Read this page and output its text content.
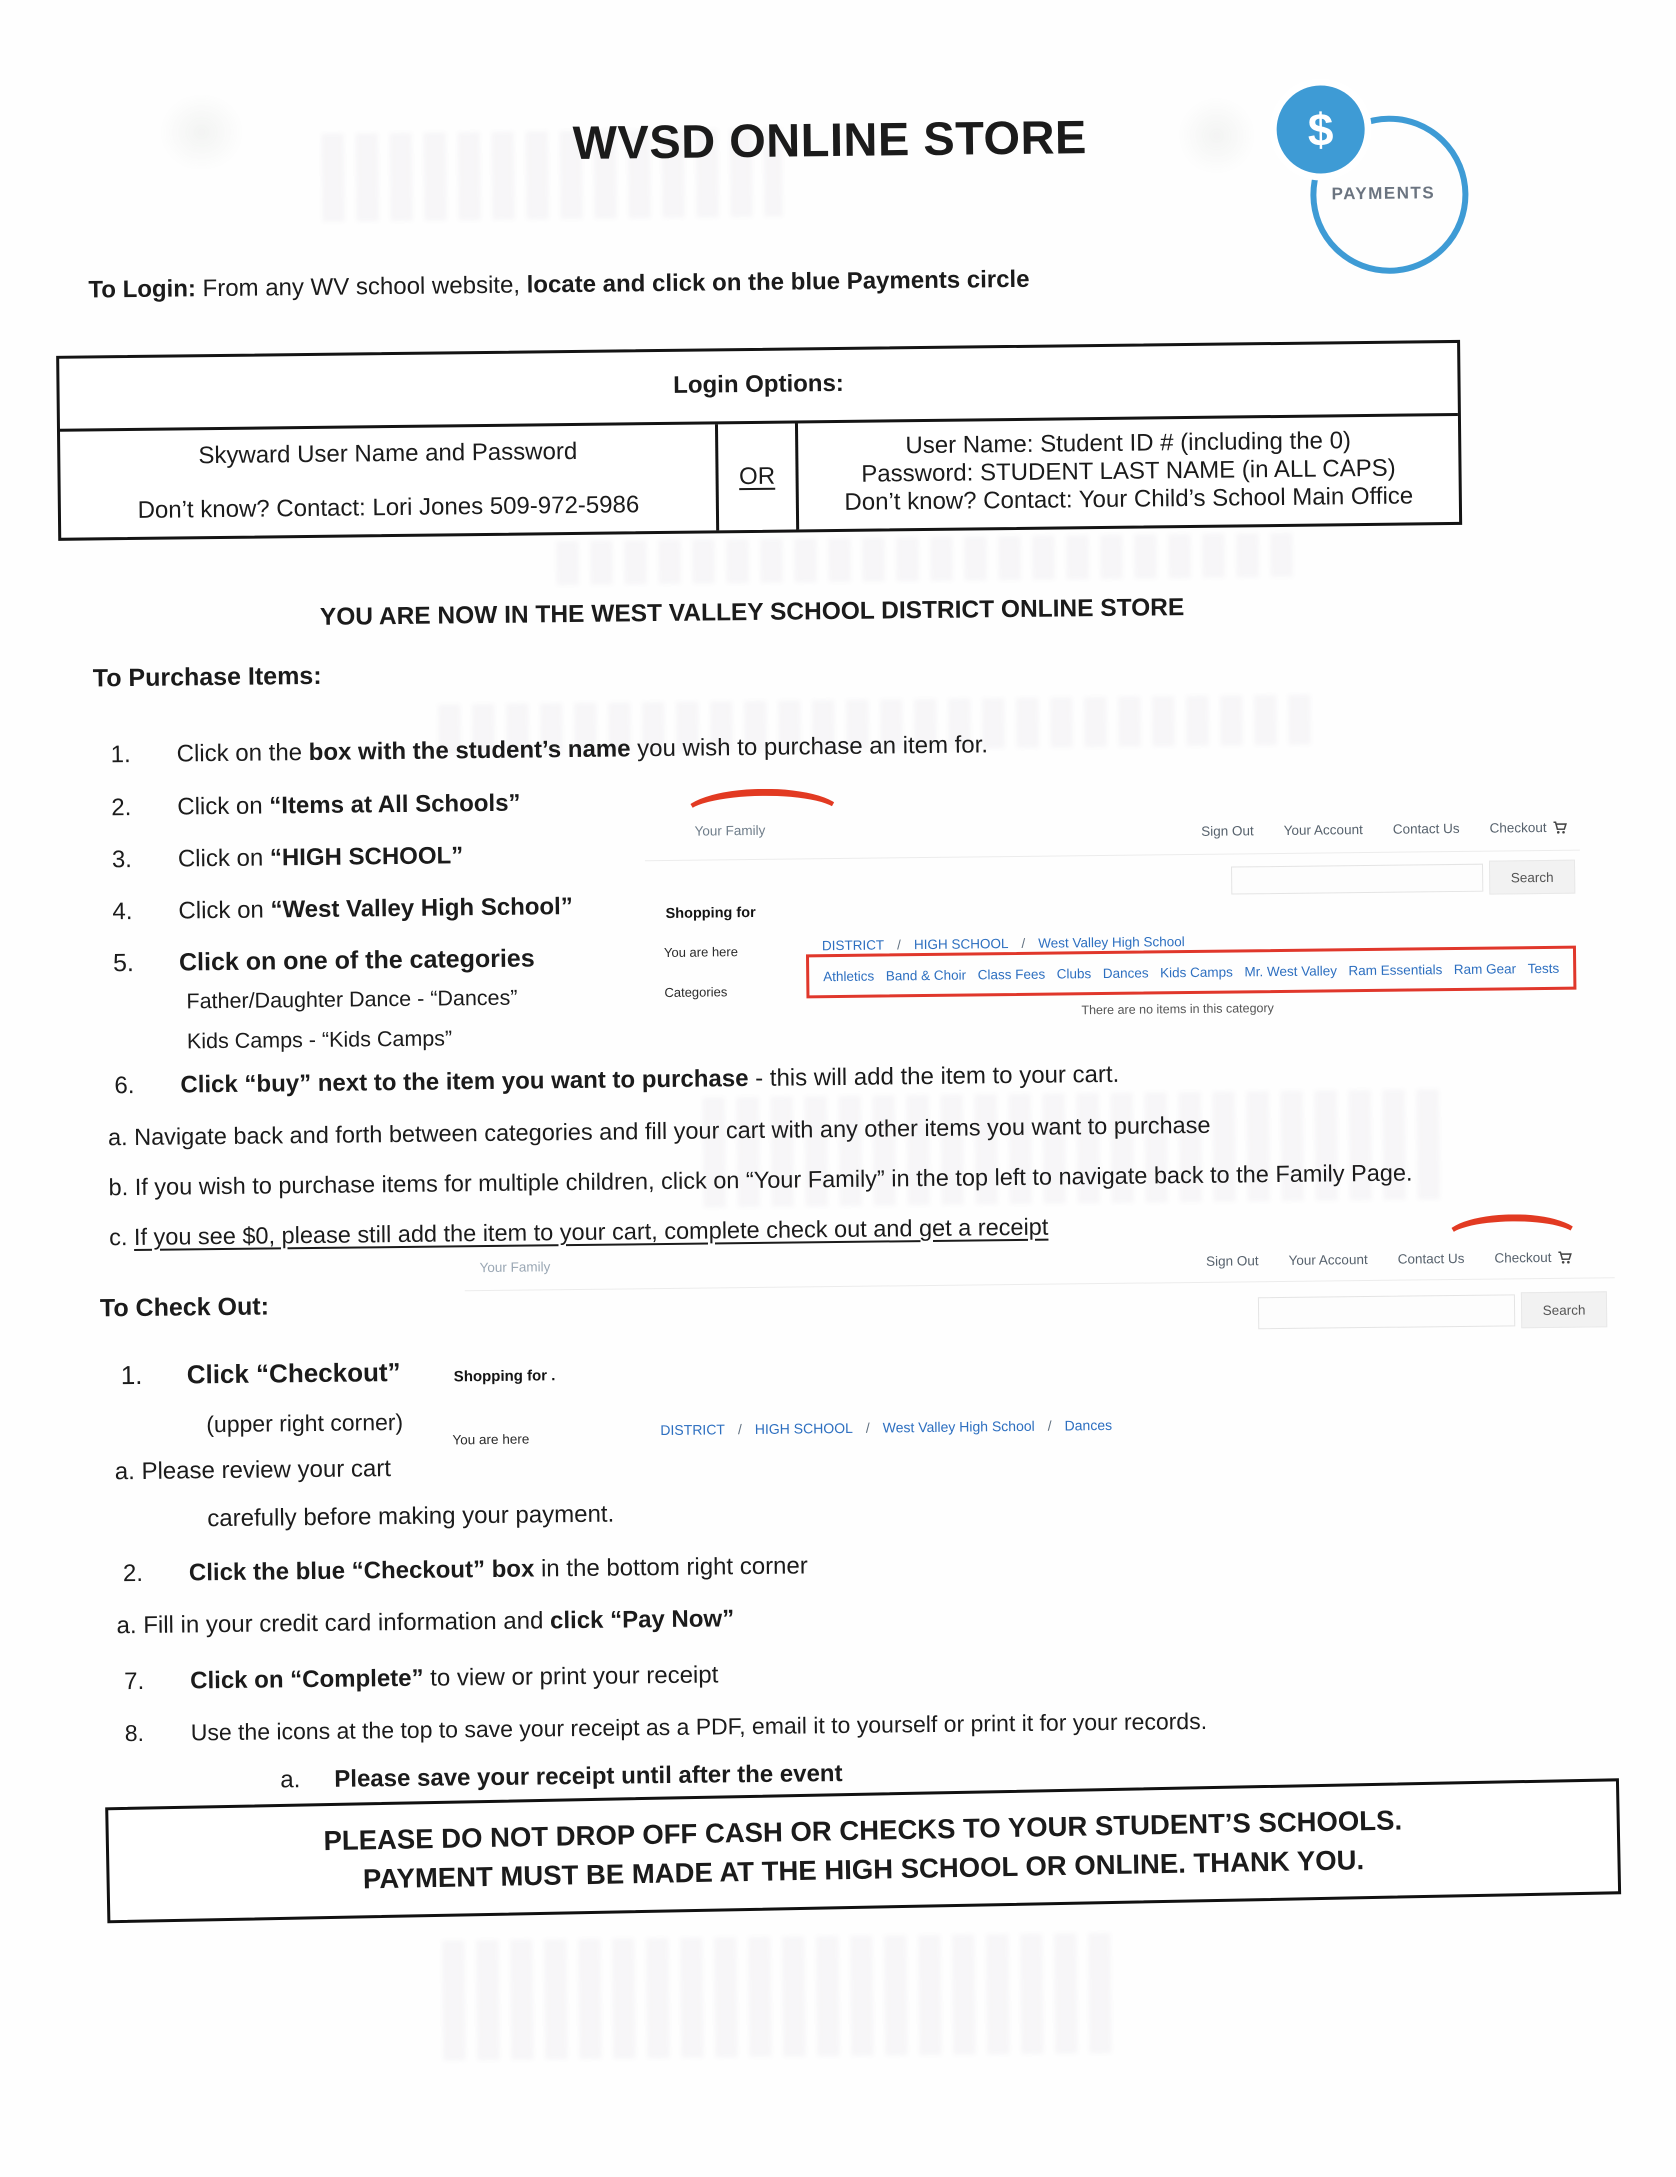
WVSD ONLINE STORE
PAYMENTS
$
To Login: From any WV school website, locate and click on the blue Payments circle
Login Options:
Skyward User Name and Password
Don’t know? Contact: Lori Jones 509-972-5986
OR
User Name: Student ID # (including the 0)
Password: STUDENT LAST NAME (in ALL CAPS)
Don’t know? Contact: Your Child’s School Main Office
YOU ARE NOW IN THE WEST VALLEY SCHOOL DISTRICT ONLINE STORE
To Purchase Items:
1.	Click on the box with the student’s name you wish to purchase an item for.
2.	Click on “Items at All Schools”
3.	Click on “HIGH SCHOOL”
4.	Click on “West Valley High School”
5.	Click on one of the categories
Father/Daughter Dance - “Dances”
Kids Camps - “Kids Camps”
6.	Click “buy” next to the item you want to purchase - this will add the item to your cart.
a. Navigate back and forth between categories and fill your cart with any other items you want to purchase
b. If you wish to purchase items for multiple children, click on “Your Family” in the top left to navigate back to the Family Page.
c. If you see $0, please still add the item to your cart, complete check out and get a receipt
Your Family	Sign Out Your Account Contact Us Checkout
Search
Shopping for
You are here	DISTRICT / HIGH SCHOOL / West Valley High School
Categories
Athletics Band & Choir Class Fees Clubs Dances Kids Camps Mr. West Valley Ram Essentials Ram Gear Tests
There are no items in this category
To Check Out:
1.	Click “Checkout”
(upper right corner)
a. Please review your cart
carefully before making your payment.
2.	Click the blue “Checkout” box in the bottom right corner
a. Fill in your credit card information and click “Pay Now”
7.	Click on “Complete” to view or print your receipt
8.	Use the icons at the top to save your receipt as a PDF, email it to yourself or print it for your records.
a.	Please save your receipt until after the event
Your Family	Sign Out Your Account Contact Us Checkout
Search
Shopping for .
You are here
DISTRICT / HIGH SCHOOL / West Valley High School / Dances
PLEASE DO NOT DROP OFF CASH OR CHECKS TO YOUR STUDENT’S SCHOOLS.
PAYMENT MUST BE MADE AT THE HIGH SCHOOL OR ONLINE. THANK YOU.
